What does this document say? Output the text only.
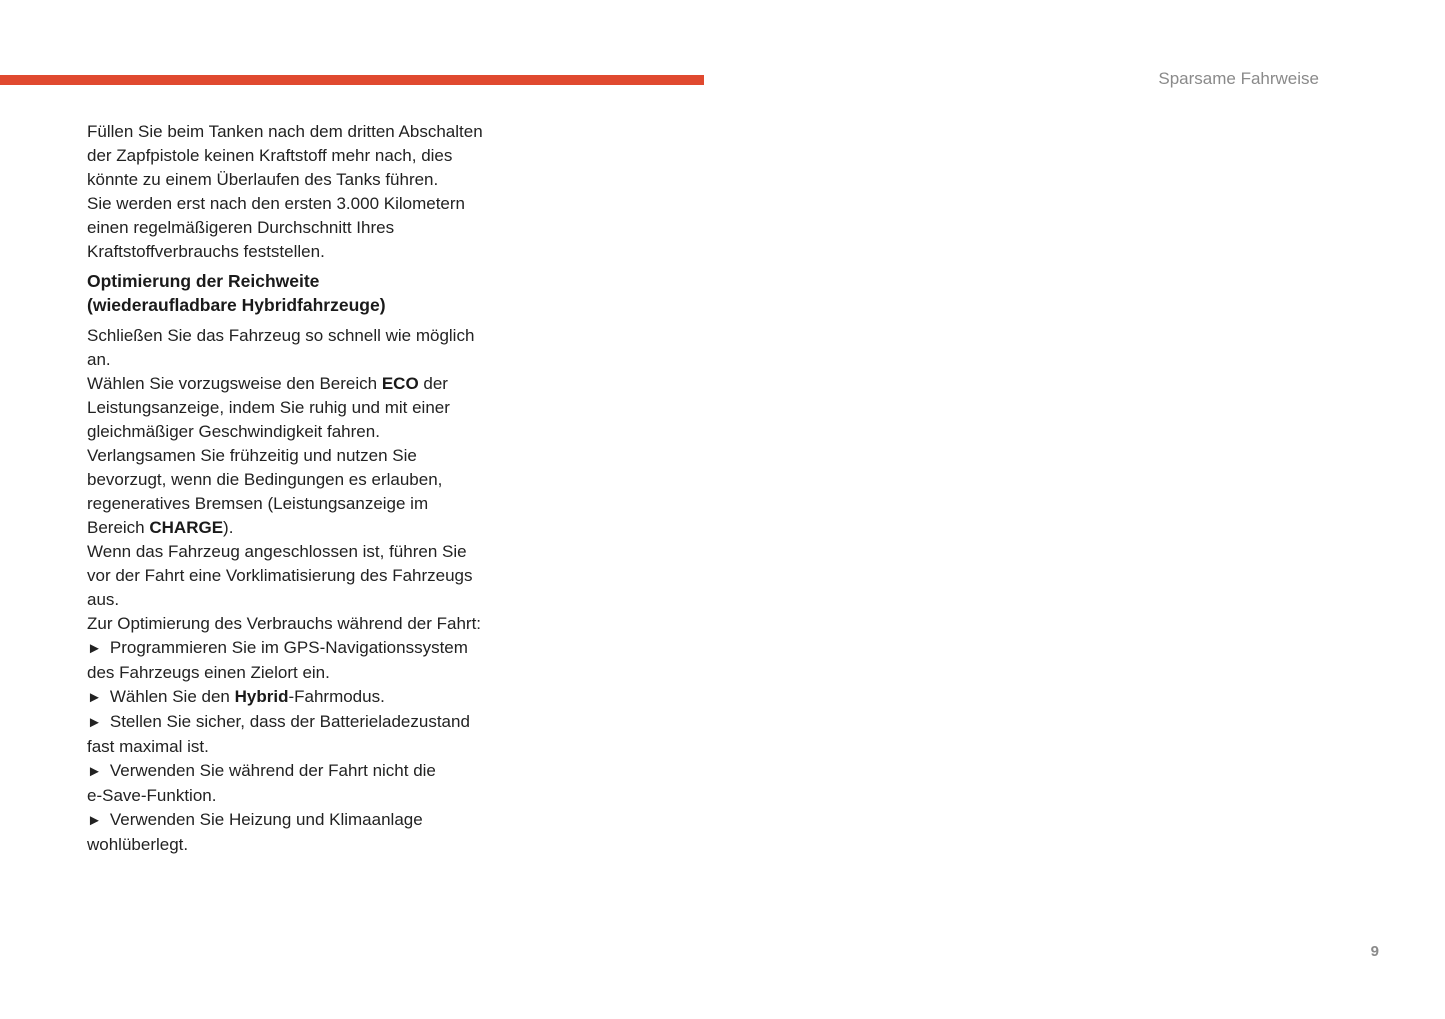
Sparsame Fahrweise

Füllen Sie beim Tanken nach dem dritten Abschalten

der Zapfpistole keinen Kraftstoff mehr nach, dies

könnte zu einem Überlaufen des Tanks führen.

Sie werden erst nach den ersten 3.000 Kilometern

einen regelmäßigeren Durchschnitt Ihres

Kraftstoffverbrauchs feststellen.

Optimierung der Reichweite
(wiederaufladbare Hybridfahrzeuge)

Schließen Sie das Fahrzeug so schnell wie möglich

an.

Wählen Sie vorzugsweise den Bereich ECO der

Leistungsanzeige, indem Sie ruhig und mit einer

gleichmäßiger Geschwindigkeit fahren.

Verlangsamen Sie frühzeitig und nutzen Sie

bevorzugt, wenn die Bedingungen es erlauben,

regeneratives Bremsen (Leistungsanzeige im

Bereich CHARGE).

Wenn das Fahrzeug angeschlossen ist, führen Sie

vor der Fahrt eine Vorklimatisierung des Fahrzeugs

aus.

Zur Optimierung des Verbrauchs während der Fahrt:

► Programmieren Sie im GPS-Navigationssystem

des Fahrzeugs einen Zielort ein.

► Wählen Sie den Hybrid-Fahrmodus.

► Stellen Sie sicher, dass der Batterieladezustand

fast maximal ist.

► Verwenden Sie während der Fahrt nicht die

e-Save-Funktion.

► Verwenden Sie Heizung und Klimaanlage

wohlüberlegt.

9
